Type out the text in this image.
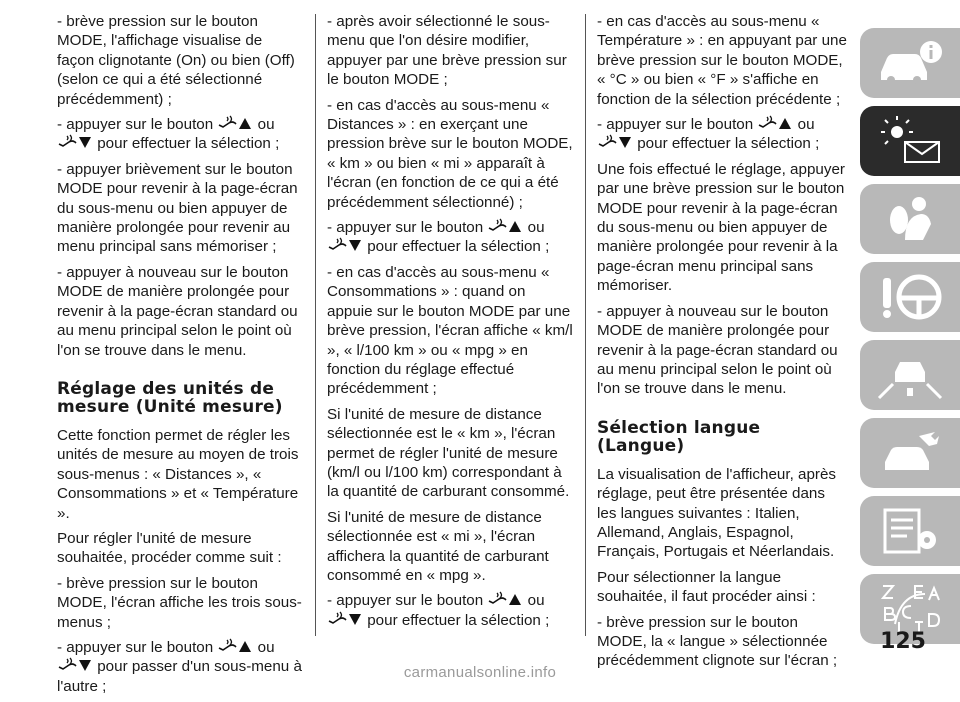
- brève pression sur le bouton MODE, l'affichage visualise de façon clignotante (On) ou bien (Off) (selon ce qui a été sélectionné précédemment) ;

- appuyer sur le bouton	ou
pour effectuer la sélection ;

- appuyer brièvement sur le bouton MODE pour revenir à la page-écran du sous-menu ou bien appuyer de manière prolongée pour revenir au menu principal sans mémoriser ;

- appuyer à nouveau sur le bouton MODE de manière prolongée pour revenir à la page-écran standard ou au menu principal selon le point où l'on se trouve dans le menu.

Réglage des unités de
mesure (Unité mesure)

Cette fonction permet de régler les unités de mesure au moyen de trois sous-menus : « Distances », « Consommations » et « Température ».

Pour régler l'unité de mesure souhaitée, procéder comme suit :

- brève pression sur le bouton MODE, l'écran affiche les trois sous-menus ;

- appuyer sur le bouton	ou
pour passer d'un sous-menu à l'autre ;

- après avoir sélectionné le sous-menu que l'on désire modifier, appuyer par une brève pression sur le bouton MODE ;

- en cas d'accès au sous-menu « Distances » : en exerçant une pression brève sur le bouton MODE, « km » ou bien « mi » apparaît à l'écran (en fonction de ce qui a été précédemment sélectionné) ;

- appuyer sur le bouton	ou
pour effectuer la sélection ;

- en cas d'accès au sous-menu « Consommations » : quand on appuie sur le bouton MODE par une brève pression, l'écran affiche « km/l », « l/100 km » ou « mpg » en fonction du réglage effectué précédemment ;

Si l'unité de mesure de distance sélectionnée est le « km », l'écran permet de régler l'unité de mesure (km/l ou l/100 km) correspondant à la quantité de carburant consommé.

Si l'unité de mesure de distance sélectionnée est « mi », l'écran affichera la quantité de carburant consommé en « mpg ».

- appuyer sur le bouton	ou
pour effectuer la sélection ;

- en cas d'accès au sous-menu « Température » : en appuyant par une brève pression sur le bouton MODE, « °C » ou bien « °F » s'affiche en fonction de la sélection précédente ;

- appuyer sur le bouton	ou
pour effectuer la sélection ;

Une fois effectué le réglage, appuyer par une brève pression sur le bouton MODE pour revenir à la page-écran du sous-menu ou bien appuyer de manière prolongée pour revenir à la page-écran menu principal sans mémoriser.

- appuyer à nouveau sur le bouton MODE de manière prolongée pour revenir à la page-écran standard ou au menu principal selon le point où l'on se trouve dans le menu.

Sélection langue
(Langue)

La visualisation de l'afficheur, après réglage, peut être présentée dans les langues suivantes : Italien, Allemand, Anglais, Espagnol, Français, Portugais et Néerlandais.

Pour sélectionner la langue souhaitée, il faut procéder ainsi :

- brève pression sur le bouton MODE, la « langue » sélectionnée précédemment clignote sur l'écran ;

125
carmanualsonline.info
